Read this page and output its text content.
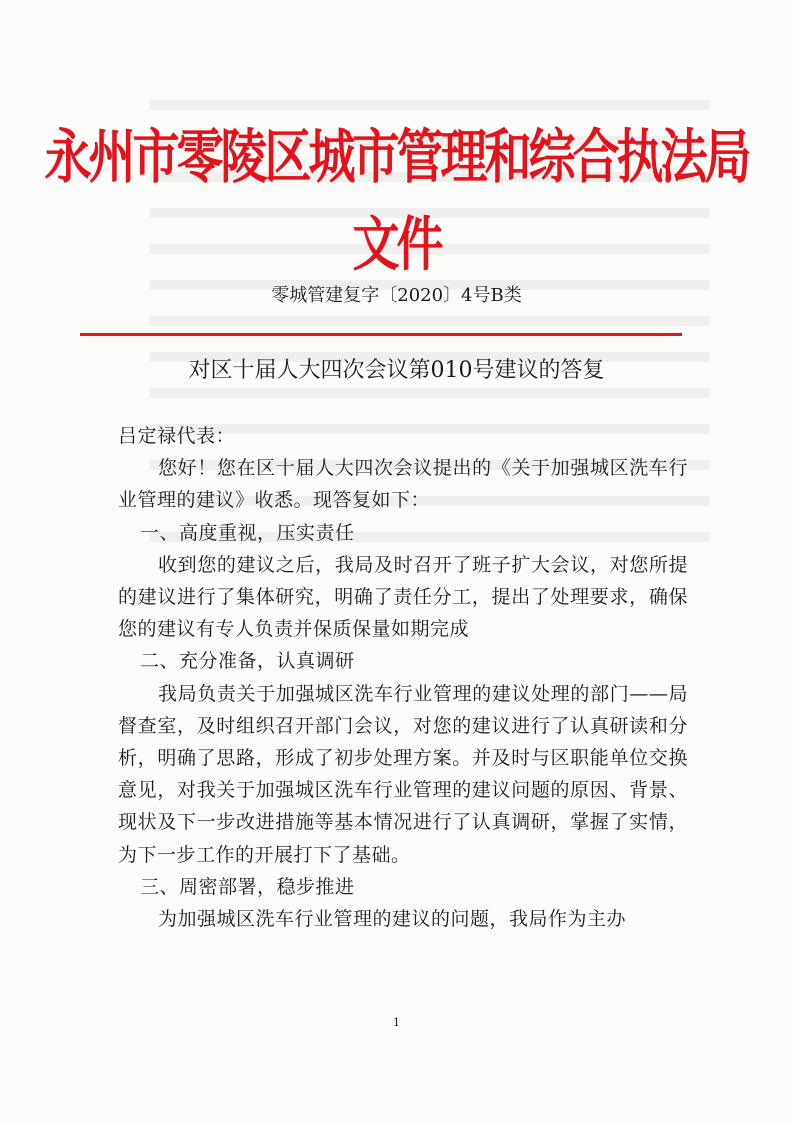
永州市零陵区城市管理和综合执法局文件
零城管建复字〔2020〕4号B类
对区十届人大四次会议第010号建议的答复

吕定禄代表：

您好！您在区十届人大四次会议提出的《关于加强城区洗车行业管理的建议》收悉。现答复如下：

一、高度重视，压实责任

收到您的建议之后，我局及时召开了班子扩大会议，对您所提的建议进行了集体研究，明确了责任分工，提出了处理要求，确保您的建议有专人负责并保质保量如期完成

二、充分准备，认真调研

我局负责关于加强城区洗车行业管理的建议处理的部门——局督查室，及时组织召开部门会议，对您的建议进行了认真研读和分析，明确了思路，形成了初步处理方案。并及时与区职能单位交换意见，对我关于加强城区洗车行业管理的建议问题的原因、背景、现状及下一步改进措施等基本情况进行了认真调研，掌握了实情，为下一步工作的开展打下了基础。

三、周密部署，稳步推进

为加强城区洗车行业管理的建议的问题，我局作为主办

1
